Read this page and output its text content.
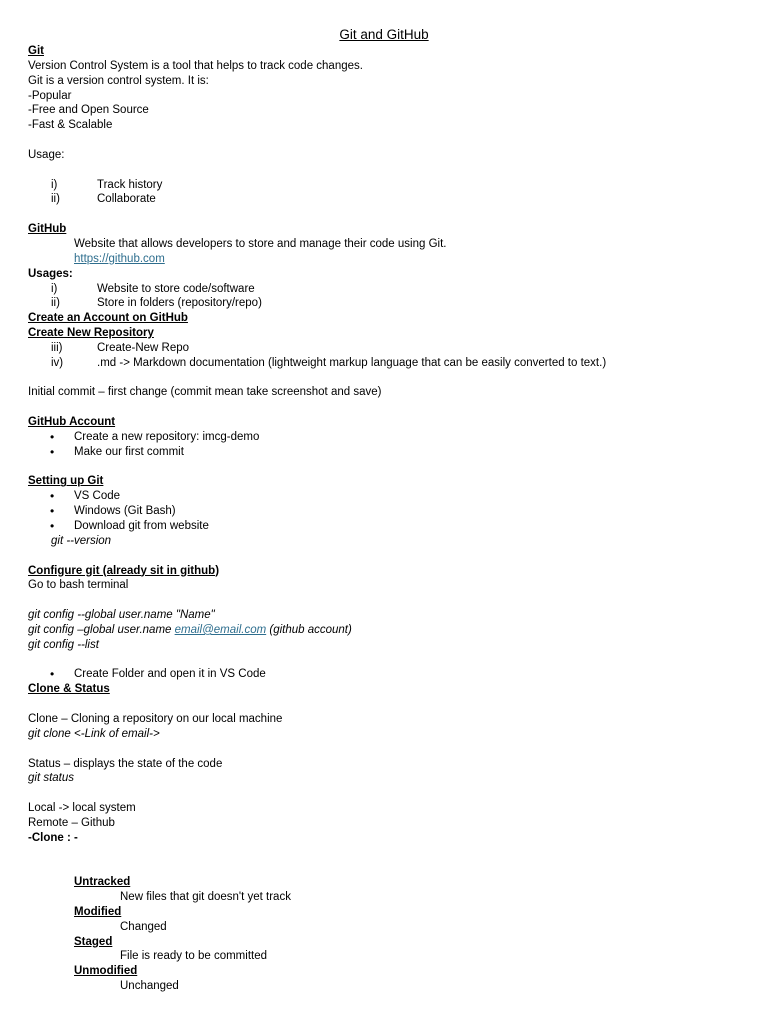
Git and GitHub
Git
Version Control System is a tool that helps to track code changes.
Git is a version control system. It is:
-Popular
-Free and Open Source
-Fast & Scalable
Usage:
i)	Track history
ii)	Collaborate
GitHub
Website that allows developers to store and manage their code using Git.
https://github.com
Usages:
i)	Website to store code/software
ii)	Store in folders (repository/repo)
Create an Account on GitHub
Create New Repository
iii)	Create-New Repo
iv)	.md -> Markdown documentation (lightweight markup language that can be easily converted to text.)
Initial commit – first change (commit mean take screenshot and save)
GitHub Account
•	Create a new repository: imcg-demo
•	Make our first commit
Setting up Git
•	VS Code
•	Windows (Git Bash)
•	Download git from website
git --version
Configure git (already sit in github)
Go to bash terminal
git config --global user.name "Name"
git config –global user.name email@email.com (github account)
git config --list
•	Create Folder and open it in VS Code
Clone & Status
Clone – Cloning a repository on our local machine
git clone <-Link of email->
Status – displays the state of the code
git status
Local -> local system
Remote – Github
-Clone : -
Untracked
New files that git doesn't yet track
Modified
Changed
Staged
File is ready to be committed
Unmodified
Unchanged
